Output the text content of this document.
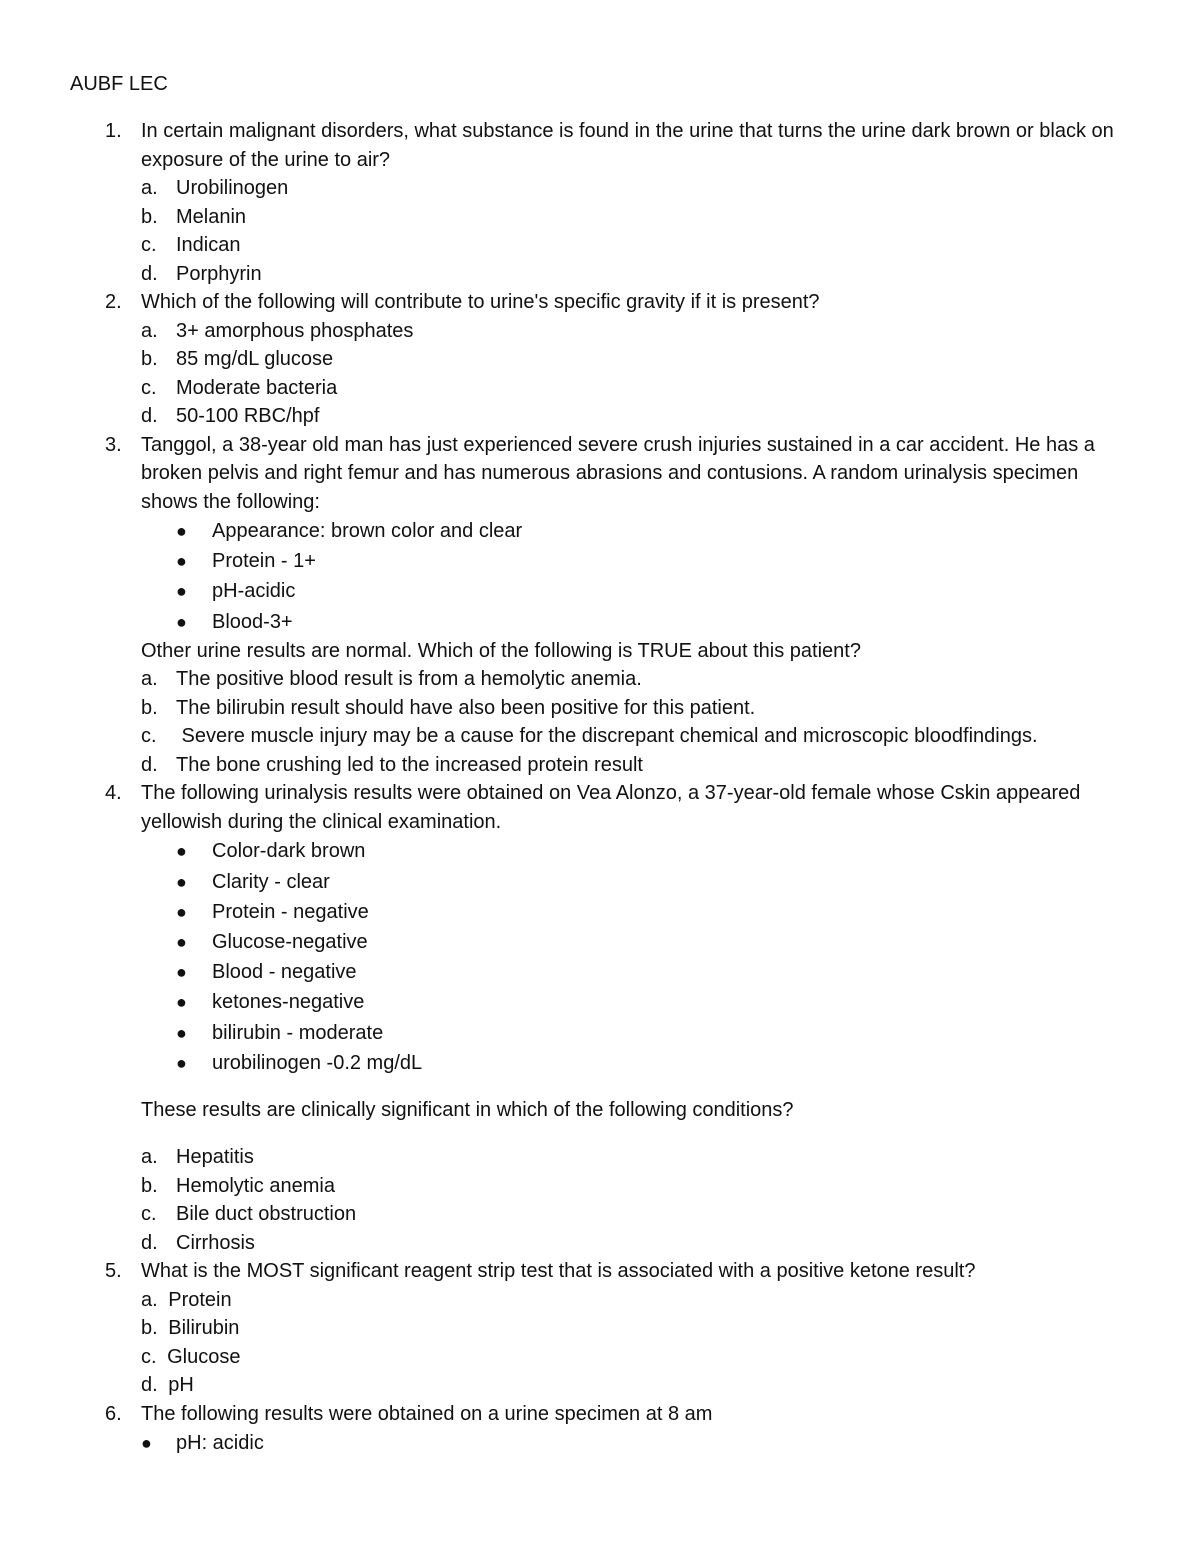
AUBF LEC
1. In certain malignant disorders, what substance is found in the urine that turns the urine dark brown or black on exposure of the urine to air?
a. Urobilinogen
b. Melanin
c. Indican
d. Porphyrin
2. Which of the following will contribute to urine's specific gravity if it is present?
a. 3+ amorphous phosphates
b. 85 mg/dL glucose
c. Moderate bacteria
d. 50-100 RBC/hpf
3. Tanggol, a 38-year old man has just experienced severe crush injuries sustained in a car accident. He has a broken pelvis and right femur and has numerous abrasions and contusions. A random urinalysis specimen shows the following:
● Appearance: brown color and clear
● Protein - 1+
● pH-acidic
● Blood-3+
Other urine results are normal. Which of the following is TRUE about this patient?
a. The positive blood result is from a hemolytic anemia.
b. The bilirubin result should have also been positive for this patient.
c. Severe muscle injury may be a cause for the discrepant chemical and microscopic bloodfindings.
d. The bone crushing led to the increased protein result
4. The following urinalysis results were obtained on Vea Alonzo, a 37-year-old female whose Cskin appeared yellowish during the clinical examination.
● Color-dark brown
● Clarity - clear
● Protein - negative
● Glucose-negative
● Blood - negative
● ketones-negative
● bilirubin - moderate
● urobilinogen -0.2 mg/dL
These results are clinically significant in which of the following conditions?
a. Hepatitis
b. Hemolytic anemia
c. Bile duct obstruction
d. Cirrhosis
5. What is the MOST significant reagent strip test that is associated with a positive ketone result?
a. Protein
b. Bilirubin
c. Glucose
d. pH
6. The following results were obtained on a urine specimen at 8 am
● pH: acidic
